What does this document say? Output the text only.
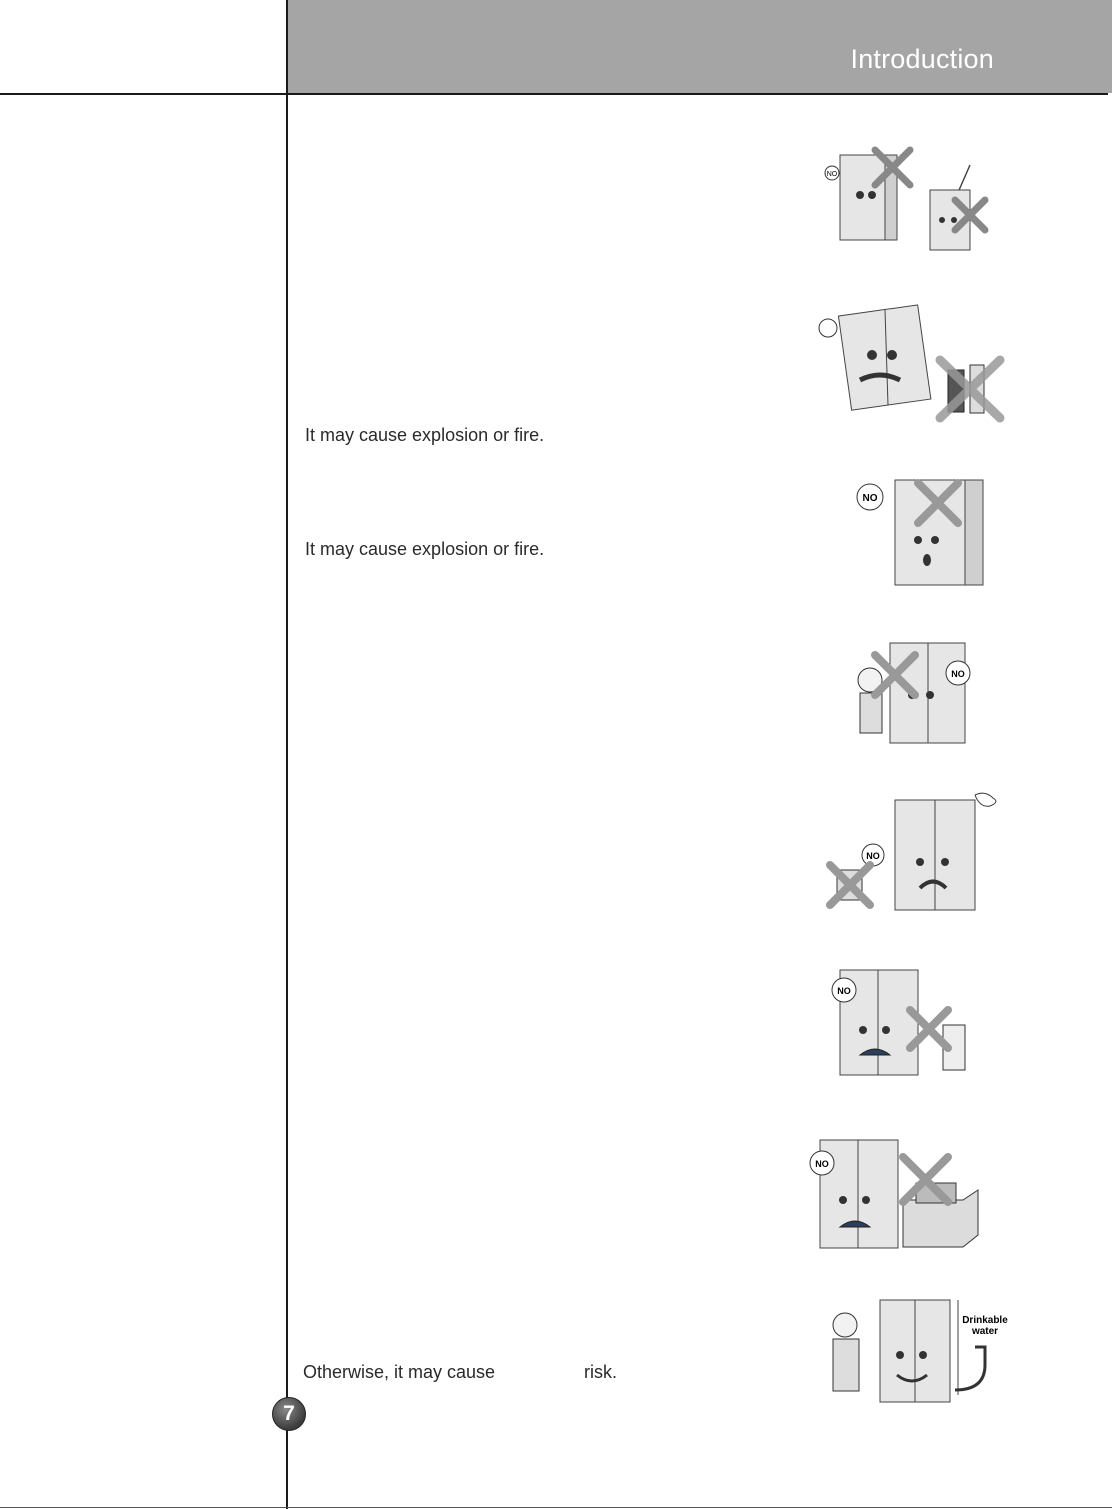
Introduction
It may cause explosion or fire.
It may cause explosion or fire.
Otherwise, it may cause	risk.
NO
NO
NO
NO
NO
NO
Drinkable
water
7
